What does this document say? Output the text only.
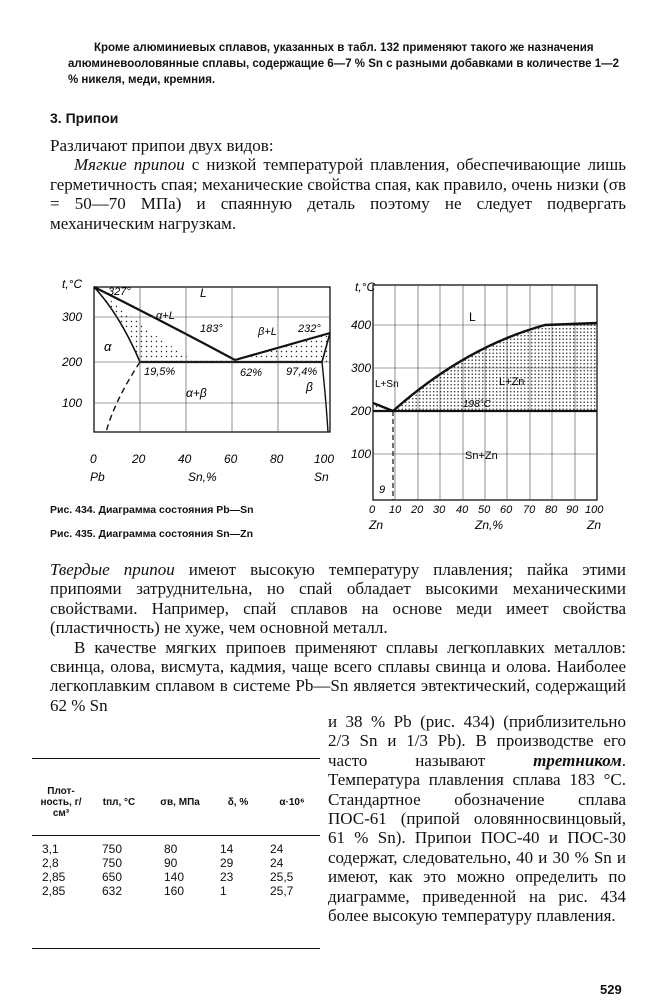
Кроме алюминиевых сплавов, указанных в табл. 132 применяют такого же назначения алюминевооловянные сплавы, содержащие 6—7 % Sn с разными добавками в количестве 1—2 % никеля, меди, кремния.

3. Припои

Различают припои двух видов:

Мягкие припои с низкой температурой плавления, обеспечивающие лишь герметичность спая; механические свойства спая, как правило, очень низки (σв = 50—70 МПа) и спаянную деталь поэтому не следует подвергать механическим нагрузкам.

t,°С
100
200
300
0	20	40	60	80	100
Pb	Sn,%	Sn
327°	L
α+L
183°	β+L 232°
α
19,5%	62% 97,4%
β
α+β
t,°С
100
200
300
400
0 10 20 30 40 50 60 70 80 90 100
Zn	Zn,%	Zn
L
L+Sn	L+Zn
198°С
Sn+Zn
9
Рис. 434. Диаграмма состояния Pb—Sn
Рис. 435. Диаграмма состояния Sn—Zn

Твердые припои имеют высокую температуру плавления; пайка этими припоями затруднительна, но спай обладает высокими механическими свойствами. Например, спай сплавов на основе меди имеет свойства (пластичность) не хуже, чем основной металл.

В качестве мягких припоев применяют сплавы легкоплавких металлов: свинца, олова, висмута, кадмия, чаще всего сплавы свинца и олова. Наиболее легкоплавким сплавом в системе Pb—Sn является эвтектический, содержащий 62 % Sn

Плот-ность, г/см³	tпл, °С	σв, МПа	δ, %	α·10⁶
3,1	750	80	14	24
2,8	750	90	29	24
2,85	650	140	23	25,5
2,85	632	160	1	25,7

и 38 % Pb (рис. 434) (приблизительно 2/3 Sn и 1/3 Pb). В производстве его часто называют третником. Температура плавления сплава 183 °С. Стандартное обозначение сплава ПОС-61 (припой оловянносвинцовый, 61 % Sn). Припои ПОС-40 и ПОС-30 содержат, следовательно, 40 и 30 % Sn и имеют, как это можно определить по диаграмме, приведенной на рис. 434 более высокую температуру плавления.

529
